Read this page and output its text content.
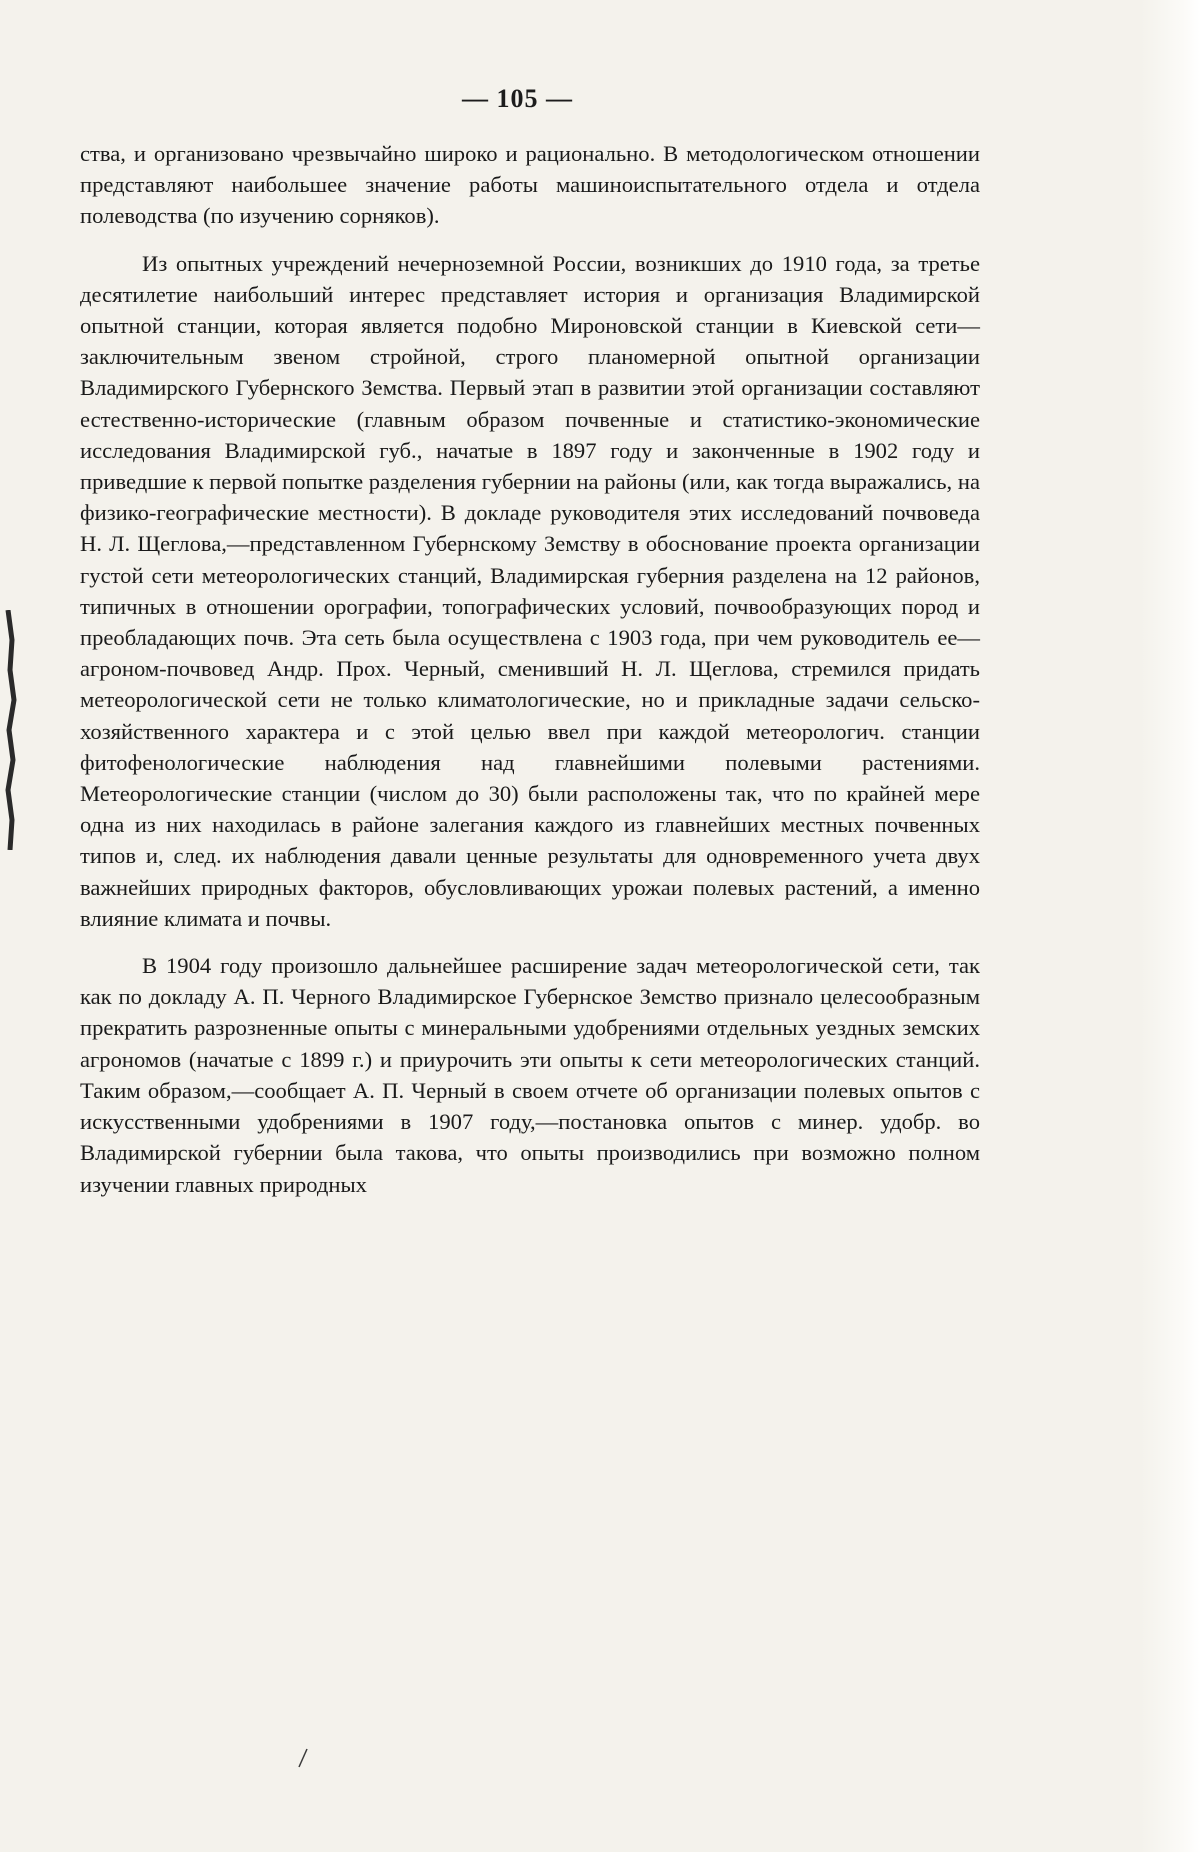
— 105 —

ства, и организовано чрезвычайно широко и рационально. В методологическом отношении представляют наибольшее значение работы машиноиспытательного отдела и отдела полеводства (по изучению сорняков).

Из опытных учреждений нечерноземной России, возникших до 1910 года, за третье десятилетие наибольший интерес представляет история и организация Владимирской опытной станции, которая является подобно Мироновской станции в Киевской сети—заключительным звеном стройной, строго планомерной опытной организации Владимирского Губернского Земства. Первый этап в развитии этой организации составляют естественно-исторические (главным образом почвенные и статистико-экономические исследования Владимирской губ., начатые в 1897 году и законченные в 1902 году и приведшие к первой попытке разделения губернии на районы (или, как тогда выражались, на физико-географические местности). В докладе руководителя этих исследований почвоведа Н. Л. Щеглова,—представленном Губернскому Земству в обоснование проекта организации густой сети метеорологических станций, Владимирская губерния разделена на 12 районов, типичных в отношении орографии, топографических условий, почвообразующих пород и преобладающих почв. Эта сеть была осуществлена с 1903 года, при чем руководитель ее—агроном-почвовед Андр. Прох. Черный, сменивший Н. Л. Щеглова, стремился придать метеорологической сети не только климатологические, но и прикладные задачи сельско-хозяйственного характера и с этой целью ввел при каждой метеорологич. станции фитофенологические наблюдения над главнейшими полевыми растениями. Метеорологические станции (числом до 30) были расположены так, что по крайней мере одна из них находилась в районе залегания каждого из главнейших местных почвенных типов и, след. их наблюдения давали ценные результаты для одновременного учета двух важнейших природных факторов, обусловливающих урожаи полевых растений, а именно влияние климата и почвы.

В 1904 году произошло дальнейшее расширение задач метеорологической сети, так как по докладу А. П. Черного Владимирское Губернское Земство признало целесообразным прекратить разрозненные опыты с минеральными удобрениями отдельных уездных земских агрономов (начатые с 1899 г.) и приурочить эти опыты к сети метеорологических станций. Таким образом,—сообщает А. П. Черный в своем отчете об организации полевых опытов с искусственными удобрениями в 1907 году,—постановка опытов с минер. удобр. во Владимирской губернии была такова, что опыты производились при возможно полном изучении главных природных
